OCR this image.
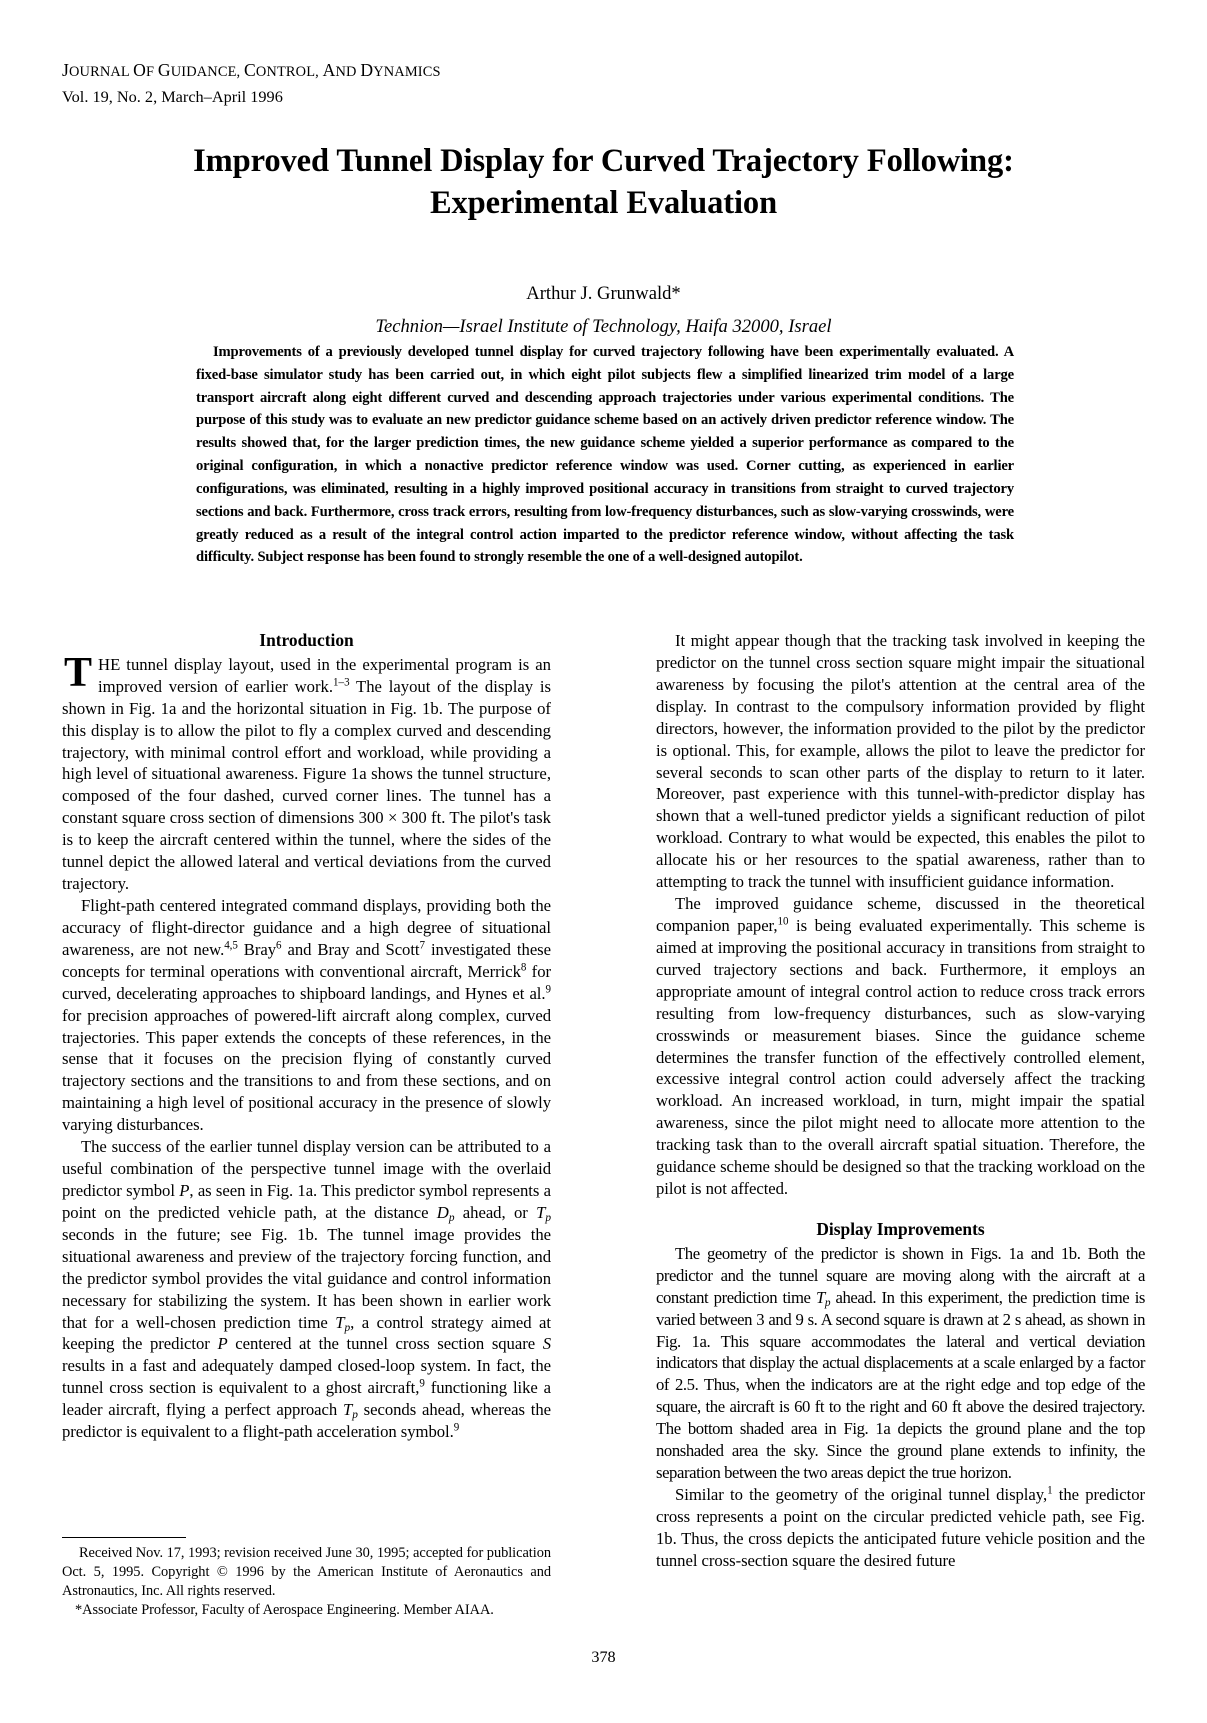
JOURNAL OF GUIDANCE, CONTROL, AND DYNAMICS
Vol. 19, No. 2, March–April 1996
Improved Tunnel Display for Curved Trajectory Following:
Experimental Evaluation
Arthur J. Grunwald*
Technion—Israel Institute of Technology, Haifa 32000, Israel
Improvements of a previously developed tunnel display for curved trajectory following have been experimentally evaluated. A fixed-base simulator study has been carried out, in which eight pilot subjects flew a simplified linearized trim model of a large transport aircraft along eight different curved and descending approach trajectories under various experimental conditions. The purpose of this study was to evaluate an new predictor guidance scheme based on an actively driven predictor reference window. The results showed that, for the larger prediction times, the new guidance scheme yielded a superior performance as compared to the original configuration, in which a nonactive predictor reference window was used. Corner cutting, as experienced in earlier configurations, was eliminated, resulting in a highly improved positional accuracy in transitions from straight to curved trajectory sections and back. Furthermore, cross track errors, resulting from low-frequency disturbances, such as slow-varying crosswinds, were greatly reduced as a result of the integral control action imparted to the predictor reference window, without affecting the task difficulty. Subject response has been found to strongly resemble the one of a well-designed autopilot.
Introduction

THE tunnel display layout, used in the experimental program is an improved version of earlier work.$^{1-3}$ The layout of the display is shown in Fig. 1a and the horizontal situation in Fig. 1b. The purpose of this display is to allow the pilot to fly a complex curved and descending trajectory, with minimal control effort and workload, while providing a high level of situational awareness. Figure 1a shows the tunnel structure, composed of the four dashed, curved corner lines. The tunnel has a constant square cross section of dimensions 300 × 300 ft. The pilot's task is to keep the aircraft centered within the tunnel, where the sides of the tunnel depict the allowed lateral and vertical deviations from the curved trajectory.

Flight-path centered integrated command displays, providing both the accuracy of flight-director guidance and a high degree of situational awareness, are not new.$^{4,5}$ Bray$^6$ and Bray and Scott$^7$ investigated these concepts for terminal operations with conventional aircraft, Merrick$^8$ for curved, decelerating approaches to shipboard landings, and Hynes et al.$^9$ for precision approaches of powered-lift aircraft along complex, curved trajectories. This paper extends the concepts of these references, in the sense that it focuses on the precision flying of constantly curved trajectory sections and the transitions to and from these sections, and on maintaining a high level of positional accuracy in the presence of slowly varying disturbances.

The success of the earlier tunnel display version can be attributed to a useful combination of the perspective tunnel image with the overlaid predictor symbol P, as seen in Fig. 1a. This predictor symbol represents a point on the predicted vehicle path, at the distance $D_p$ ahead, or $T_p$ seconds in the future; see Fig. 1b. The tunnel image provides the situational awareness and preview of the trajectory forcing function, and the predictor symbol provides the vital guidance and control information necessary for stabilizing the system. It has been shown in earlier work that for a well-chosen prediction time $T_p$, a control strategy aimed at keeping the predictor P centered at the tunnel cross section square S results in a fast and adequately damped closed-loop system. In fact, the tunnel cross section is equivalent to a ghost aircraft,$^9$ functioning like a leader aircraft, flying a perfect approach $T_p$ seconds ahead, whereas the predictor is equivalent to a flight-path acceleration symbol.$^9$

It might appear though that the tracking task involved in keeping the predictor on the tunnel cross section square might impair the situational awareness by focusing the pilot's attention at the central area of the display. In contrast to the compulsory information provided by flight directors, however, the information provided to the pilot by the predictor is optional. This, for example, allows the pilot to leave the predictor for several seconds to scan other parts of the display to return to it later. Moreover, past experience with this tunnel-with-predictor display has shown that a well-tuned predictor yields a significant reduction of pilot workload. Contrary to what would be expected, this enables the pilot to allocate his or her resources to the spatial awareness, rather than to attempting to track the tunnel with insufficient guidance information.

The improved guidance scheme, discussed in the theoretical companion paper,$^{10}$ is being evaluated experimentally. This scheme is aimed at improving the positional accuracy in transitions from straight to curved trajectory sections and back. Furthermore, it employs an appropriate amount of integral control action to reduce cross track errors resulting from low-frequency disturbances, such as slow-varying crosswinds or measurement biases. Since the guidance scheme determines the transfer function of the effectively controlled element, excessive integral control action could adversely affect the tracking workload. An increased workload, in turn, might impair the spatial awareness, since the pilot might need to allocate more attention to the tracking task than to the overall aircraft spatial situation. Therefore, the guidance scheme should be designed so that the tracking workload on the pilot is not affected.

Display Improvements

The geometry of the predictor is shown in Figs. 1a and 1b. Both the predictor and the tunnel square are moving along with the aircraft at a constant prediction time $T_p$ ahead. In this experiment, the prediction time is varied between 3 and 9 s. A second square is drawn at 2 s ahead, as shown in Fig. 1a. This square accommodates the lateral and vertical deviation indicators that display the actual displacements at a scale enlarged by a factor of 2.5. Thus, when the indicators are at the right edge and top edge of the square, the aircraft is 60 ft to the right and 60 ft above the desired trajectory. The bottom shaded area in Fig. 1a depicts the ground plane and the top nonshaded area the sky. Since the ground plane extends to infinity, the separation between the two areas depict the true horizon.

Similar to the geometry of the original tunnel display,$^1$ the predictor cross represents a point on the circular predicted vehicle path, see Fig. 1b. Thus, the cross depicts the anticipated future vehicle position and the tunnel cross-section square the desired future

Received Nov. 17, 1993; revision received June 30, 1995; accepted for publication Oct. 5, 1995. Copyright © 1996 by the American Institute of Aeronautics and Astronautics, Inc. All rights reserved.

*Associate Professor, Faculty of Aerospace Engineering. Member AIAA.

378
